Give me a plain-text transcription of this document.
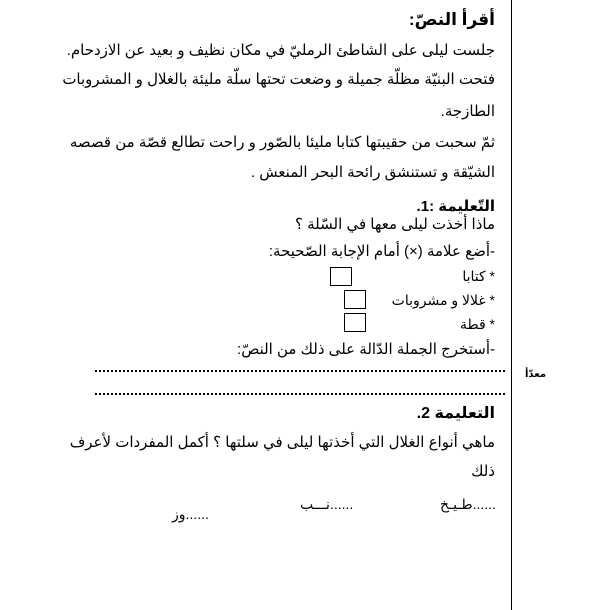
معدّأ
أقرأ النصّ:
جلست ليلى على الشاطئ الرمليّ في مكان نظيف و بعيد عن الازدحام.
فتحت البنيّة مظلّة جميلة و وضعت تحتها سلّة مليئة بالغلال و المشروبات
الطازجة.
ثمّ سحبت من حقيبتها كتابا مليئا بالصّور و راحت تطالع قصّة من قصصه
الشيّقة و تستنشق رائحة البحر المنعش .
التّعليمة :1.
ماذا أخذت ليلى معها في السّلة ؟
-أضع علامة (×) أمام الإجابة الصّحيحة:
* كتابا
* غلالا و مشروبات
* قطة
-أستخرج الجملة الدّالة على ذلك من النصّ:
التعليمة 2.
ماهي أنواع الغلال التي أخذتها ليلى في سلتها ؟ أكمل المفردات لأعرف
ذلك
......طـيـخ
......نـــب
......وز
